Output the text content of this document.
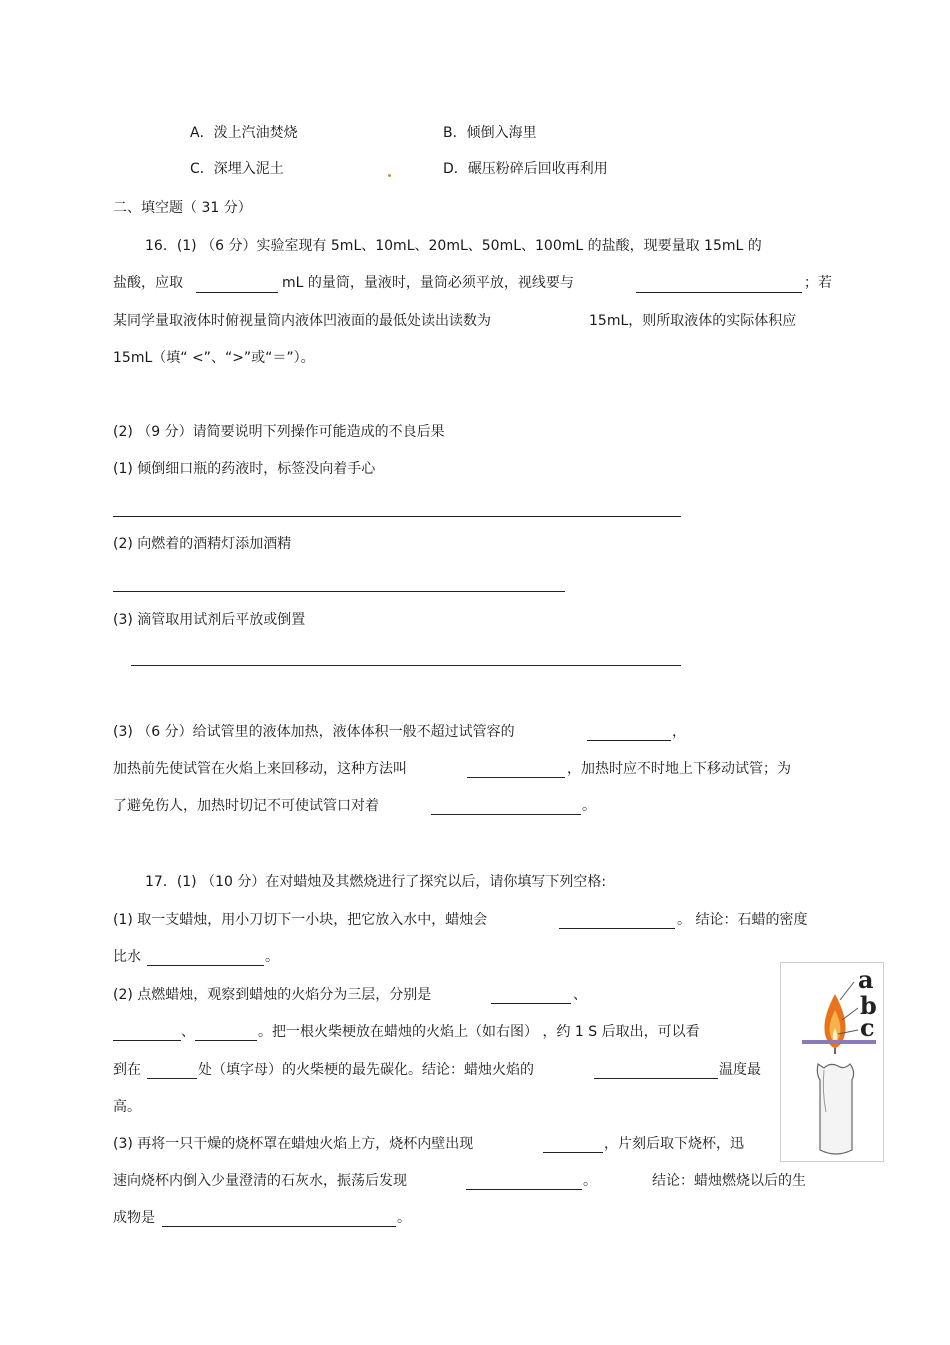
A．泼上汽油焚烧	B．倾倒入海里
C．深埋入泥土	D．碾压粉碎后回收再利用
二、填空题（ 31 分）
16．(1) （6 分）实验室现有 5mL、10mL、20mL、50mL、100mL 的盐酸，现要量取 15mL 的
盐酸，应取	mL 的量筒，量液时，量筒必须平放，视线要与	；若
某同学量取液体时俯视量筒内液体凹液面的最低处读出读数为	15mL，则所取液体的实际体积应
15mL（填“ <”、“>”或“＝”）。
(2) （9 分）请简要说明下列操作可能造成的不良后果
(1) 倾倒细口瓶的药液时，标签没向着手心
(2) 向燃着的酒精灯添加酒精
(3) 滴管取用试剂后平放或倒置
(3) （6 分）给试管里的液体加热，液体体积一般不超过试管容的	，
加热前先使试管在火焰上来回移动，这种方法叫	，加热时应不时地上下移动试管；为
了避免伤人，加热时切记不可使试管口对着	。
17．(1) （10 分）在对蜡烛及其燃烧进行了探究以后，请你填写下列空格:
(1) 取一支蜡烛，用小刀切下一小块，把它放入水中，蜡烛会	。 结论：石蜡的密度
比水	。
(2) 点燃蜡烛，观察到蜡烛的火焰分为三层，分别是	、
、	。把一根火柴梗放在蜡烛的火焰上（如右图） ，约 1 S 后取出，可以看
到在	处（填字母）的火柴梗的最先碳化。结论：蜡烛火焰的	温度最
高。
(3) 再将一只干燥的烧杯罩在蜡烛火焰上方，烧杯内壁出现	，片刻后取下烧杯，迅
速向烧杯内倒入少量澄清的石灰水，振荡后发现	。	结论：蜡烛燃烧以后的生
成物是	。
a
b
c
